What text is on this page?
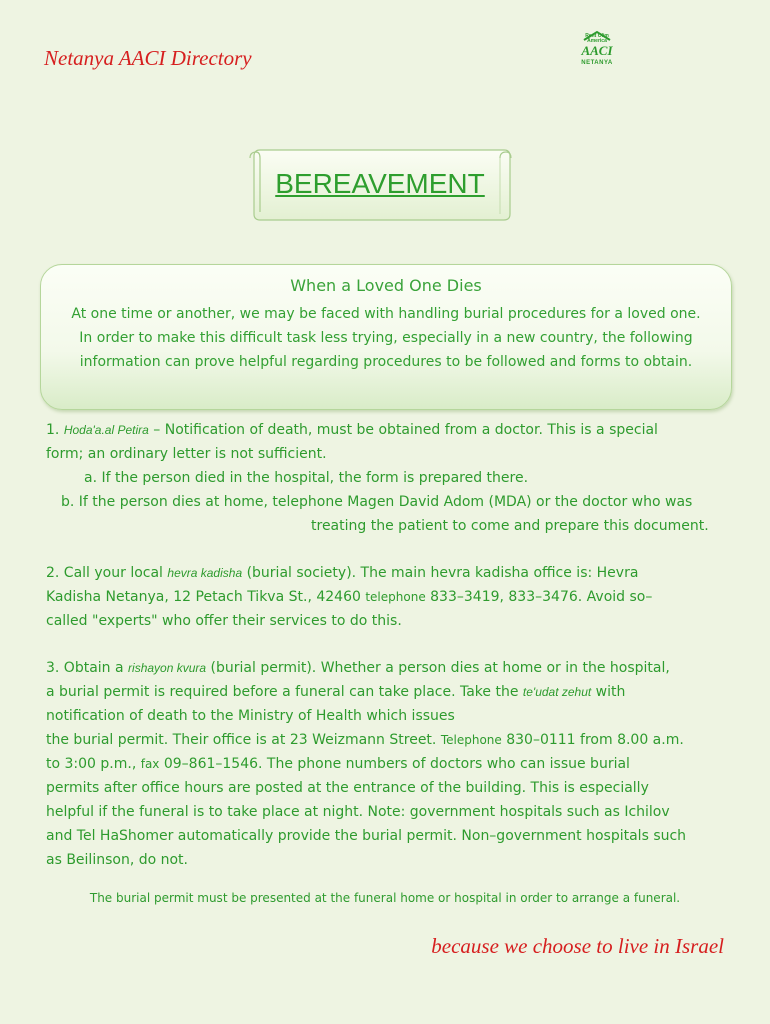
Netanya AACI Directory
Rent Olim
America
AACI
NETANYA
BEREAVEMENT
When a Loved One Dies
At one time or another, we may be faced with handling burial procedures for a loved one.
In order to make this difficult task less trying, especially in a new country, the following
information can prove helpful regarding procedures to be followed and forms to obtain.
1. Hoda'a.al Petira – Notification of death, must be obtained from a doctor. This is a special
form; an ordinary letter is not sufficient.
a. If the person died in the hospital, the form is prepared there.
b. If the person dies at home, telephone Magen David Adom (MDA) or the doctor who was
treating the patient to come and prepare this document.
2. Call your local hevra kadisha (burial society). The main hevra kadisha office is: Hevra
Kadisha Netanya, 12 Petach Tikva St., 42460 telephone 833–3419, 833–3476. Avoid so–
called "experts" who offer their services to do this.
3. Obtain a rishayon kvura (burial permit). Whether a person dies at home or in the hospital,
a burial permit is required before a funeral can take place. Take the te'udat zehut with
notification of death to the Ministry of Health which issues
the burial permit. Their office is at 23 Weizmann Street. Telephone 830–0111 from 8.00 a.m.
to 3:00 p.m., fax 09–861–1546. The phone numbers of doctors who can issue burial
permits after office hours are posted at the entrance of the building. This is especially
helpful if the funeral is to take place at night. Note: government hospitals such as Ichilov
and Tel HaShomer automatically provide the burial permit. Non–government hospitals such
as Beilinson, do not.
The burial permit must be presented at the funeral home or hospital in order to arrange a funeral.
because we choose to live in Israel
